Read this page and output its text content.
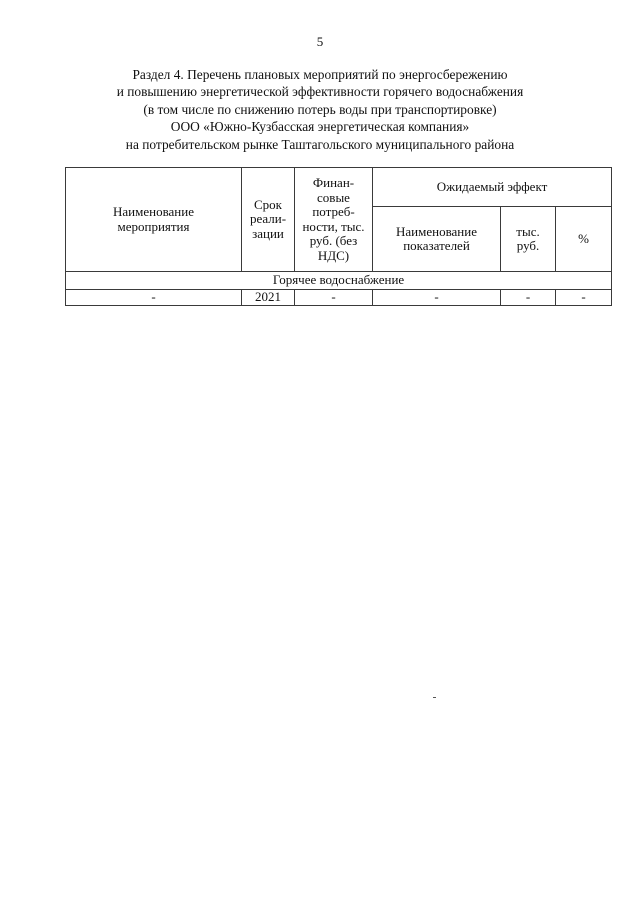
5
Раздел 4. Перечень плановых мероприятий по энергосбережению
и повышению энергетической эффективности горячего водоснабжения
(в том числе по снижению потерь воды при транспортировке)
ООО «Южно-Кузбасская энергетическая компания»
на потребительском рынке Таштагольского муниципального района
Наименование мероприятия	Срок реали-зации	Финан-совые потреб-ности, тыс. руб. (без НДС)	Ожидаемый эффект		
			Наименование показателей	тыс. руб.	%
Горячее водоснабжение					
-	2021	-	-	-	-
